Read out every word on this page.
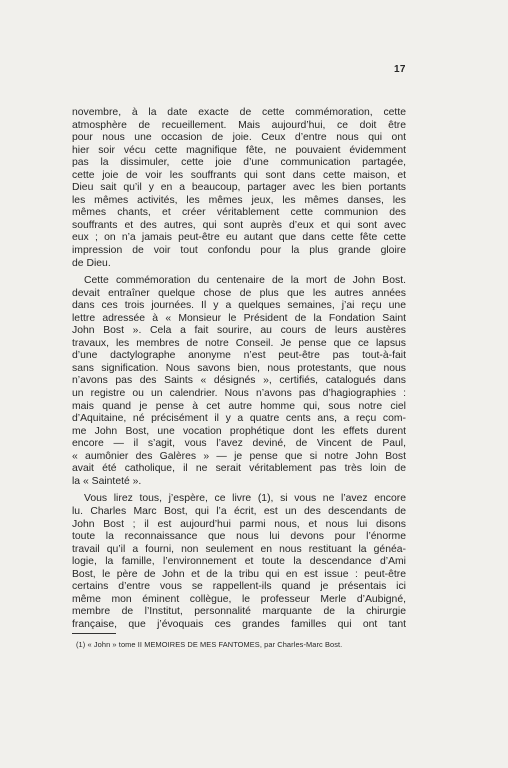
17
novembre, à la date exacte de cette commémoration, cette
atmosphère de recueillement. Mais aujourd’hui, ce doit être
pour nous une occasion de joie. Ceux d’entre nous qui ont
hier soir vécu cette magnifique fête, ne pouvaient évidemment
pas la dissimuler, cette joie d’une communication partagée,
cette joie de voir les souffrants qui sont dans cette maison, et
Dieu sait qu’il y en a beaucoup, partager avec les bien portants
les mêmes activités, les mêmes jeux, les mêmes danses, les
mêmes chants, et créer véritablement cette communion des
souffrants et des autres, qui sont auprès d’eux et qui sont avec
eux ; on n’a jamais peut-être eu autant que dans cette fête cette
impression de voir tout confondu pour la plus grande gloire
de Dieu.
Cette commémoration du centenaire de la mort de John Bost.
devait entraîner quelque chose de plus que les autres années
dans ces trois journées. Il y a quelques semaines, j’ai reçu une
lettre adressée à « Monsieur le Président de la Fondation Saint
John Bost ». Cela a fait sourire, au cours de leurs austères
travaux, les membres de notre Conseil. Je pense que ce lapsus
d’une dactylographe anonyme n’est peut-être pas tout-à-fait
sans signification. Nous savons bien, nous protestants, que nous
n’avons pas des Saints « désignés », certifiés, catalogués dans
un registre ou un calendrier. Nous n’avons pas d’hagiographies :
mais quand je pense à cet autre homme qui, sous notre ciel
d’Aquitaine, né précisément il y a quatre cents ans, a reçu com-
me John Bost, une vocation prophétique dont les effets durent
encore — il s’agit, vous l’avez deviné, de Vincent de Paul,
« aumônier des Galères » — je pense que si notre John Bost
avait été catholique, il ne serait véritablement pas très loin de
la « Sainteté ».
Vous lirez tous, j’espère, ce livre (1), si vous ne l’avez encore
lu. Charles Marc Bost, qui l’a écrit, est un des descendants de
John Bost ; il est aujourd’hui parmi nous, et nous lui disons
toute la reconnaissance que nous lui devons pour l’énorme
travail qu’il a fourni, non seulement en nous restituant la généa-
logie, la famille, l’environnement et toute la descendance d’Ami
Bost, le père de John et de la tribu qui en est issue : peut-être
certains d’entre vous se rappellent-ils quand je présentais ici
même mon éminent collègue, le professeur Merle d’Aubigné,
membre de l’Institut, personnalité marquante de la chirurgie
française, que j’évoquais ces grandes familles qui ont tant
(1) « John » tome II MEMOIRES DE MES FANTOMES, par Charles-Marc Bost.
